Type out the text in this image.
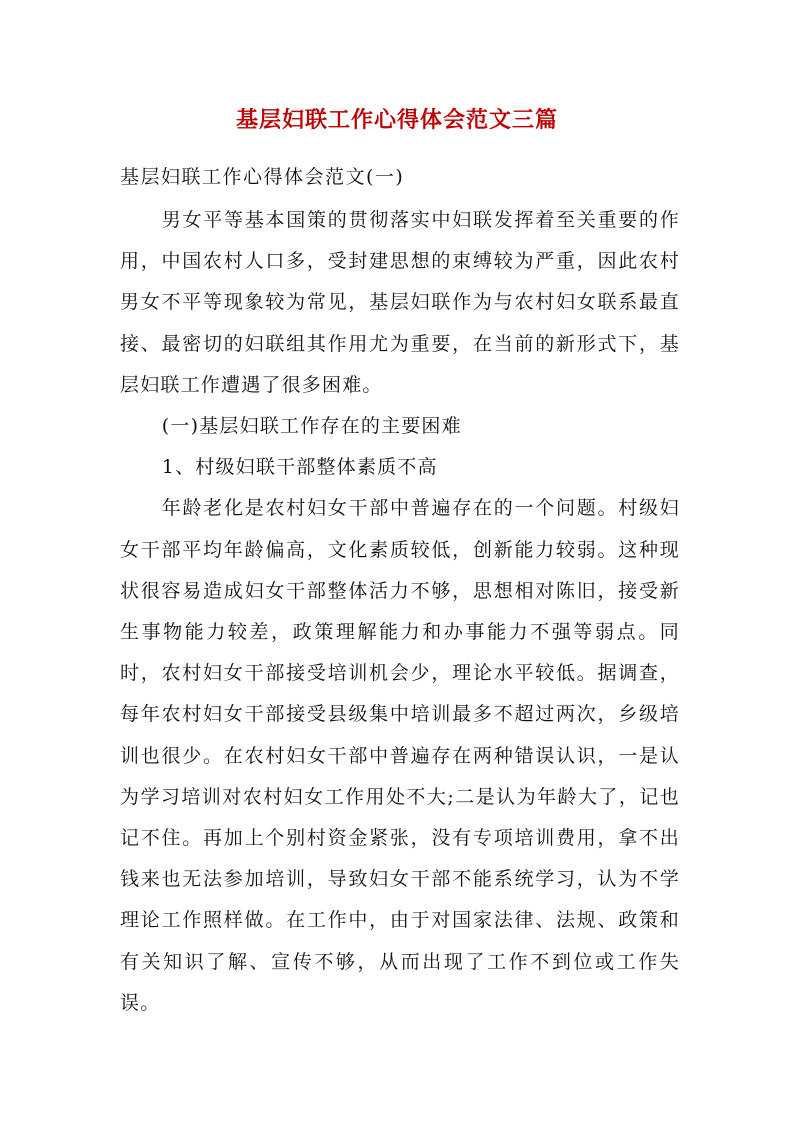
基层妇联工作心得体会范文三篇
基层妇联工作心得体会范文(一)

男女平等基本国策的贯彻落实中妇联发挥着至关重要的作用，中国农村人口多，受封建思想的束缚较为严重，因此农村男女不平等现象较为常见，基层妇联作为与农村妇女联系最直接、最密切的妇联组其作用尤为重要，在当前的新形式下，基层妇联工作遭遇了很多困难。

(一)基层妇联工作存在的主要困难

1、村级妇联干部整体素质不高

年龄老化是农村妇女干部中普遍存在的一个问题。村级妇女干部平均年龄偏高，文化素质较低，创新能力较弱。这种现状很容易造成妇女干部整体活力不够，思想相对陈旧，接受新生事物能力较差，政策理解能力和办事能力不强等弱点。同时，农村妇女干部接受培训机会少，理论水平较低。据调查，每年农村妇女干部接受县级集中培训最多不超过两次，乡级培训也很少。在农村妇女干部中普遍存在两种错误认识，一是认为学习培训对农村妇女工作用处不大;二是认为年龄大了，记也记不住。再加上个别村资金紧张，没有专项培训费用，拿不出钱来也无法参加培训，导致妇女干部不能系统学习，认为不学理论工作照样做。在工作中，由于对国家法律、法规、政策和有关知识了解、宣传不够，从而出现了工作不到位或工作失误。
